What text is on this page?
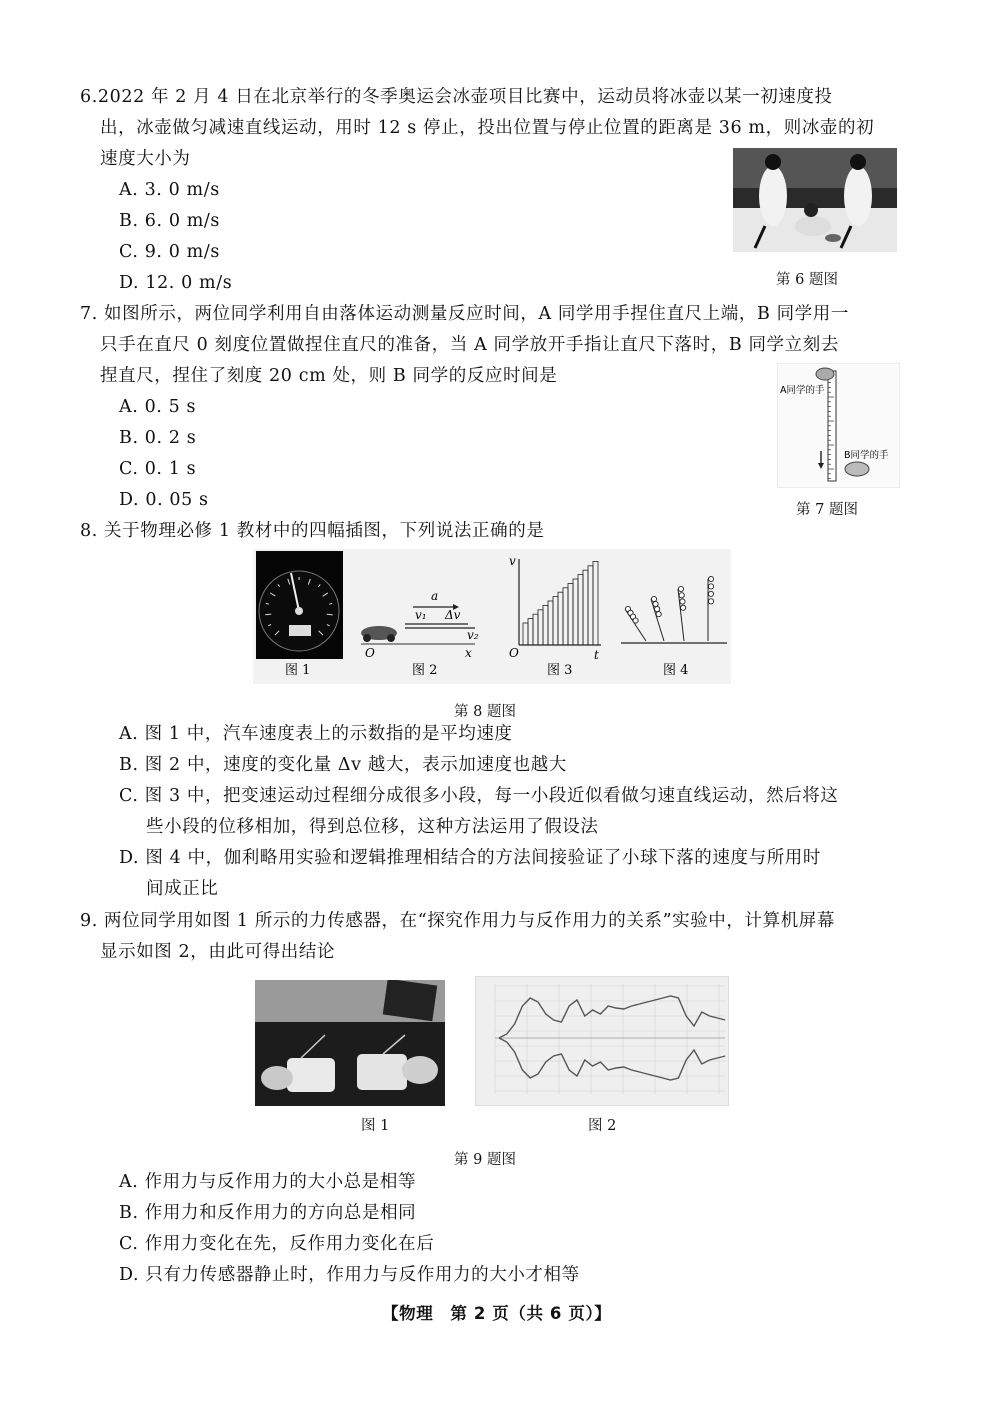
6.2022 年 2 月 4 日在北京举行的冬季奥运会冰壶项目比赛中，运动员将冰壶以某一初速度投
出，冰壶做匀减速直线运动，用时 12 s 停止，投出位置与停止位置的距离是 36 m，则冰壶的初
速度大小为
A. 3. 0 m/s
B. 6. 0 m/s
C. 9. 0 m/s
D. 12. 0 m/s	第 6 题图
7. 如图所示，两位同学利用自由落体运动测量反应时间，A 同学用手捏住直尺上端，B 同学用一
只手在直尺 0 刻度位置做捏住直尺的准备，当 A 同学放开手指让直尺下落时，B 同学立刻去
捏直尺，捏住了刻度 20 cm 处，则 B 同学的反应时间是
A. 0. 5 s
B. 0. 2 s
C. 0. 1 s
D. 0. 05 s
A同学的手
B同学的手
第 7 题图
8. 关于物理必修 1 教材中的四幅插图，下列说法正确的是
v₁
a
Δv
v₂
O	x
v
O	t
图 1	图 2	图 3	图 4
第 8 题图
A. 图 1 中，汽车速度表上的示数指的是平均速度
B. 图 2 中，速度的变化量 Δv 越大，表示加速度也越大
C. 图 3 中，把变速运动过程细分成很多小段，每一小段近似看做匀速直线运动，然后将这
些小段的位移相加，得到总位移，这种方法运用了假设法
D. 图 4 中，伽利略用实验和逻辑推理相结合的方法间接验证了小球下落的速度与所用时
间成正比
9. 两位同学用如图 1 所示的力传感器，在“探究作用力与反作用力的关系”实验中，计算机屏幕
显示如图 2，由此可得出结论
图 1	图 2
第 9 题图
A. 作用力与反作用力的大小总是相等
B. 作用力和反作用力的方向总是相同
C. 作用力变化在先，反作用力变化在后
D. 只有力传感器静止时，作用力与反作用力的大小才相等
【物理　第 2 页（共 6 页）】
